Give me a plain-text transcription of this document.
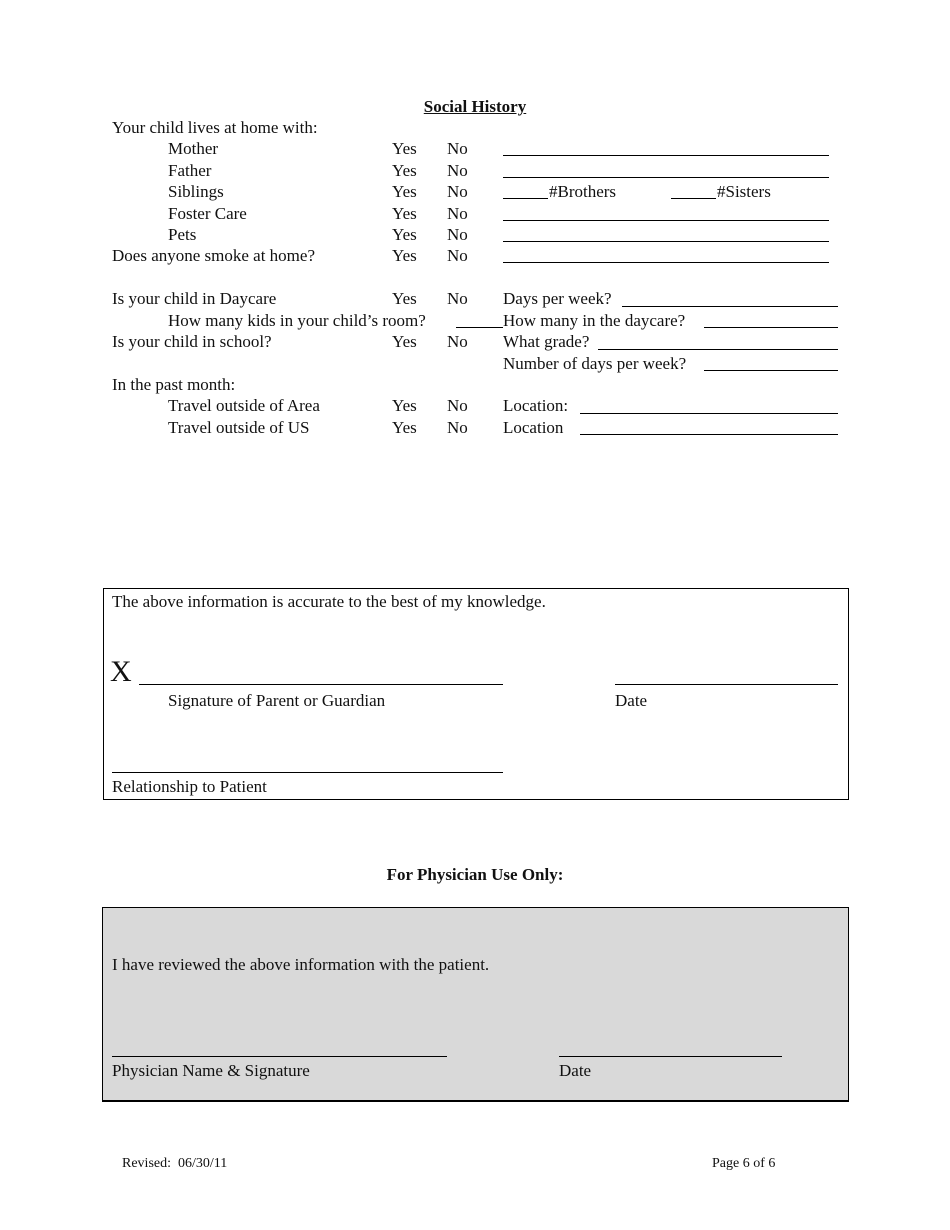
Social History
Your child lives at home with:
Mother	Yes No
Father	Yes No
Siblings	Yes No	#Brothers	#Sisters
Foster Care	Yes No
Pets	Yes No
Does anyone smoke at home?	Yes No
Is your child in Daycare	Yes No Days per week?
How many kids in your child’s room?	How many in the daycare?
Is your child in school?	Yes No What grade?
Number of days per week?
In the past month:
Travel outside of Area	Yes No Location:
Travel outside of US	Yes No Location
The above information is accurate to the best of my knowledge.
X
Signature of Parent or Guardian	Date
Relationship to Patient
For Physician Use Only:
I have reviewed the above information with the patient.
Physician Name & Signature	Date
Revised:  06/30/11	Page 6 of 6
